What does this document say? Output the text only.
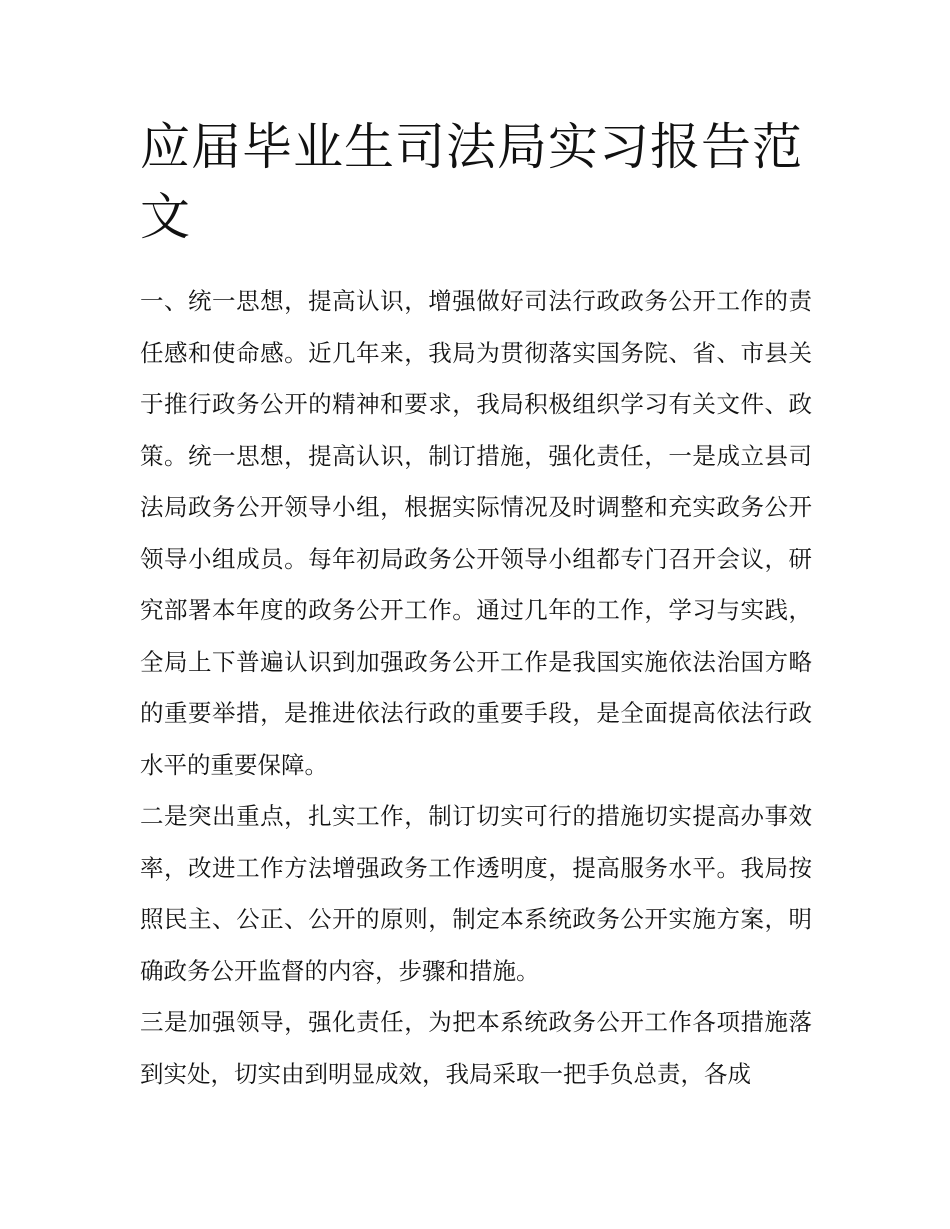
应届毕业生司法局实习报告范文

一、统一思想，提高认识，增强做好司法行政政务公开工作的责任感和使命感。近几年来，我局为贯彻落实国务院、省、市县关于推行政务公开的精神和要求，我局积极组织学习有关文件、政策。统一思想，提高认识，制订措施，强化责任，一是成立县司法局政务公开领导小组，根据实际情况及时调整和充实政务公开领导小组成员。每年初局政务公开领导小组都专门召开会议，研究部署本年度的政务公开工作。通过几年的工作，学习与实践，全局上下普遍认识到加强政务公开工作是我国实施依法治国方略的重要举措，是推进依法行政的重要手段，是全面提高依法行政水平的重要保障。

二是突出重点，扎实工作，制订切实可行的措施切实提高办事效率，改进工作方法增强政务工作透明度，提高服务水平。我局按照民主、公正、公开的原则，制定本系统政务公开实施方案，明确政务公开监督的内容，步骤和措施。

三是加强领导，强化责任，为把本系统政务公开工作各项措施落到实处，切实由到明显成效，我局采取一把手负总责，各成
